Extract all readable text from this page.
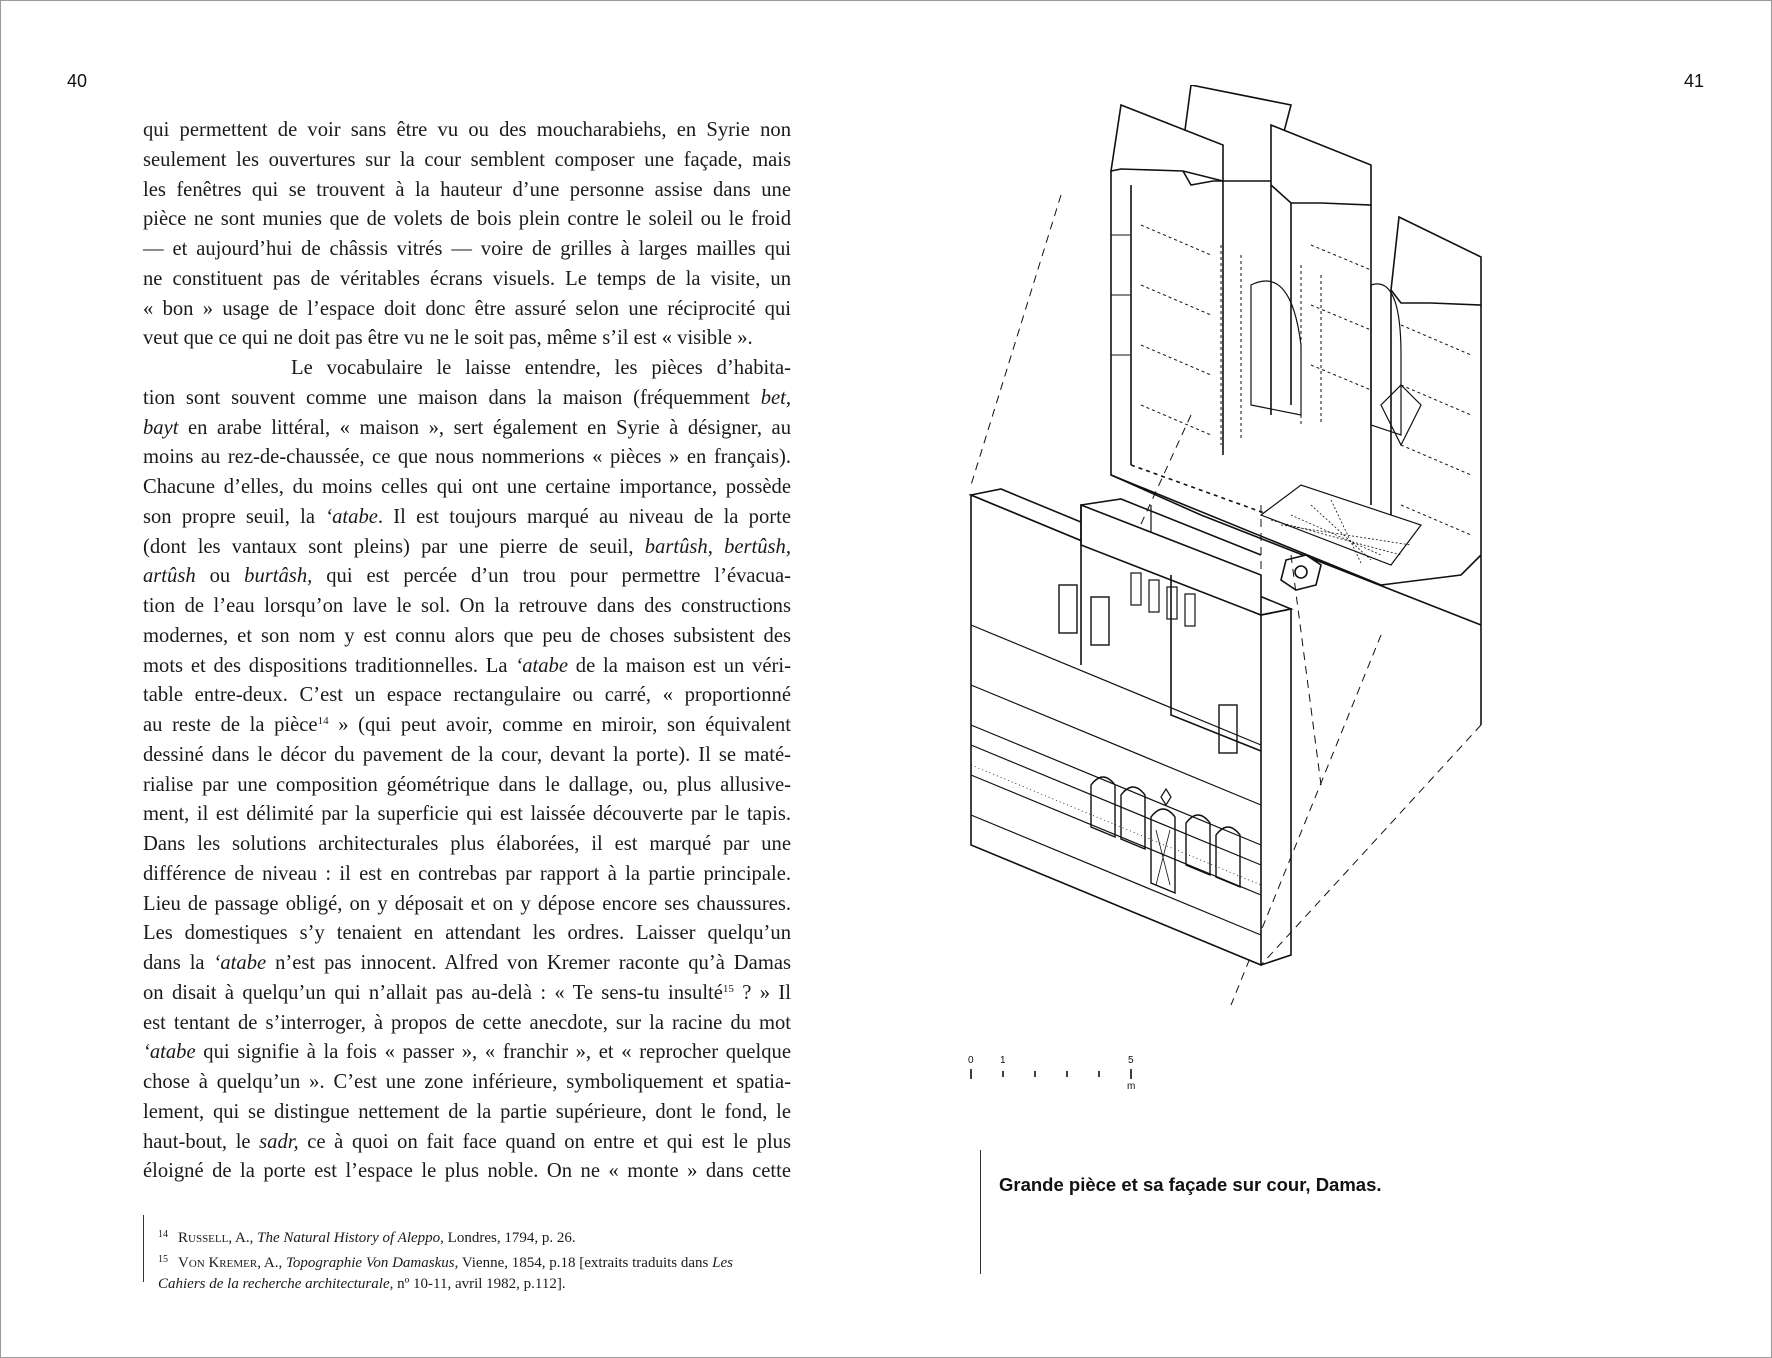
40	41
qui permettent de voir sans être vu ou des moucharabiehs, en Syrie non
seulement les ouvertures sur la cour semblent composer une façade, mais
les fenêtres qui se trouvent à la hauteur d’une personne assise dans une
pièce ne sont munies que de volets de bois plein contre le soleil ou le froid
— et aujourd’hui de châssis vitrés — voire de grilles à larges mailles qui
ne constituent pas de véritables écrans visuels. Le temps de la visite, un
« bon » usage de l’espace doit donc être assuré selon une réciprocité qui
veut que ce qui ne doit pas être vu ne le soit pas, même s’il est « visible ».
Le vocabulaire le laisse entendre, les pièces d’habita-
tion sont souvent comme une maison dans la maison (fréquemment bet,
bayt en arabe littéral, « maison », sert également en Syrie à désigner, au
moins au rez-de-chaussée, ce que nous nommerions « pièces » en français).
Chacune d’elles, du moins celles qui ont une certaine importance, possède
son propre seuil, la ‘atabe. Il est toujours marqué au niveau de la porte
(dont les vantaux sont pleins) par une pierre de seuil, bartûsh, bertûsh,
artûsh ou burtâsh, qui est percée d’un trou pour permettre l’évacua-
tion de l’eau lorsqu’on lave le sol. On la retrouve dans des constructions
modernes, et son nom y est connu alors que peu de choses subsistent des
mots et des dispositions traditionnelles. La ‘atabe de la maison est un véri-
table entre-deux. C’est un espace rectangulaire ou carré, « proportionné
au reste de la pièce$^{14}$ » (qui peut avoir, comme en miroir, son équivalent
dessiné dans le décor du pavement de la cour, devant la porte). Il se maté-
rialise par une composition géométrique dans le dallage, ou, plus allusive-
ment, il est délimité par la superficie qui est laissée découverte par le tapis.
Dans les solutions architecturales plus élaborées, il est marqué par une
différence de niveau : il est en contrebas par rapport à la partie principale.
Lieu de passage obligé, on y déposait et on y dépose encore ses chaussures.
Les domestiques s’y tenaient en attendant les ordres. Laisser quelqu’un
dans la ‘atabe n’est pas innocent. Alfred von Kremer raconte qu’à Damas
on disait à quelqu’un qui n’allait pas au-delà : « Te sens-tu insulté$^{15}$ ? » Il
est tentant de s’interroger, à propos de cette anecdote, sur la racine du mot
‘atabe qui signifie à la fois « passer », « franchir », et « reprocher quelque
chose à quelqu’un ». C’est une zone inférieure, symboliquement et spatia-
lement, qui se distingue nettement de la partie supérieure, dont le fond, le
haut-bout, le sadr, ce à quoi on fait face quand on entre et qui est le plus
éloigné de la porte est l’espace le plus noble. On ne « monte » dans cette
$^{14}$ Russell, A., The Natural History of Aleppo, Londres, 1794, p. 26.
$^{15}$ Von Kremer, A., Topographie Von Damaskus, Vienne, 1854, p.18 [extraits traduits dans Les
Cahiers de la recherche architecturale, nº 10-11, avril 1982, p.112].
0	1	5
m
Grande pièce et sa façade sur cour, Damas.
